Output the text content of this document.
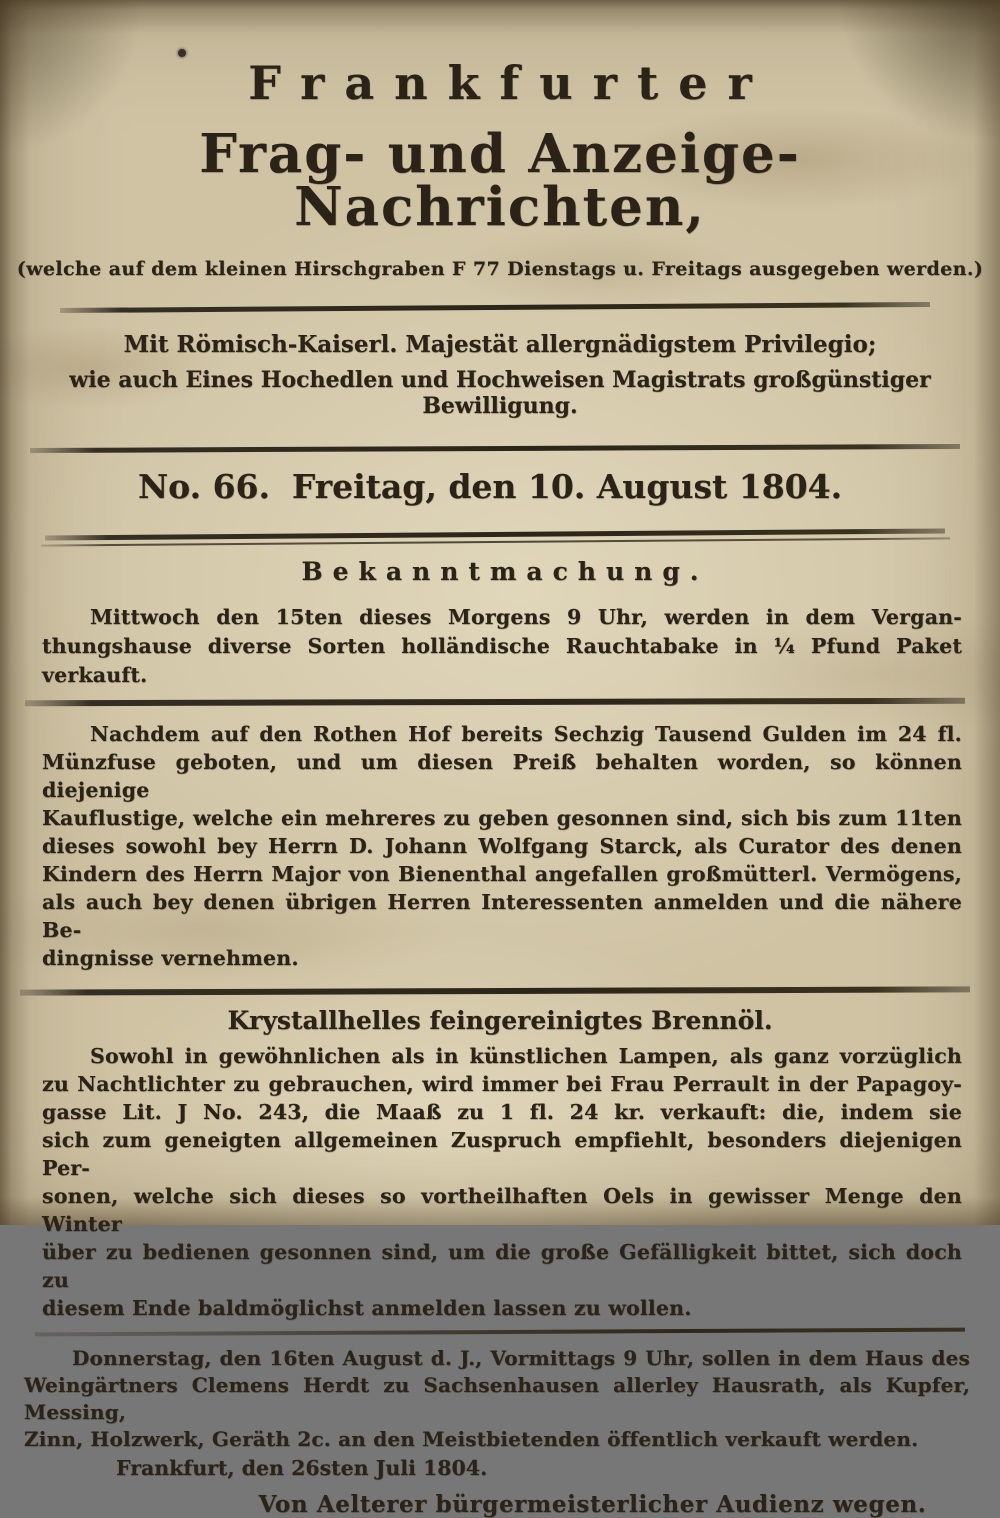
Frankfurter
Frag- und Anzeige-Nachrichten,
(welche auf dem kleinen Hirschgraben F 77 Dienstags u. Freitags ausgegeben werden.)
Mit Römisch-Kaiserl. Majestät allergnädigstem Privilegio;
wie auch Eines Hochedlen und Hochweisen Magistrats großgünstiger Bewilligung.
No. 66. Freitag, den 10. August 1804.
Bekanntmachung.
Mittwoch den 15ten dieses Morgens 9 Uhr, werden in dem Vergan-
thungshause diverse Sorten holländische Rauchtabake in ¼ Pfund Paket verkauft.
Nachdem auf den Rothen Hof bereits Sechzig Tausend Gulden im 24 fl.
Münzfuse geboten, und um diesen Preiß behalten worden, so können diejenige
Kauflustige, welche ein mehreres zu geben gesonnen sind, sich bis zum 11ten
dieses sowohl bey Herrn D. Johann Wolfgang Starck, als Curator des denen
Kindern des Herrn Major von Bienenthal angefallen großmütterl. Vermögens,
als auch bey denen übrigen Herren Interessenten anmelden und die nähere Be-
dingnisse vernehmen.
Krystallhelles feingereinigtes Brennöl.
Sowohl in gewöhnlichen als in künstlichen Lampen, als ganz vorzüglich
zu Nachtlichter zu gebrauchen, wird immer bei Frau Perrault in der Papagoy-
gasse Lit. J No. 243, die Maaß zu 1 fl. 24 kr. verkauft: die, indem sie
sich zum geneigten allgemeinen Zuspruch empfiehlt, besonders diejenigen Per-
sonen, welche sich dieses so vortheilhaften Oels in gewisser Menge den Winter
über zu bedienen gesonnen sind, um die große Gefälligkeit bittet, sich doch zu
diesem Ende baldmöglichst anmelden lassen zu wollen.
Donnerstag, den 16ten August d. J., Vormittags 9 Uhr, sollen in dem Haus des
Weingärtners Clemens Herdt zu Sachsenhausen allerley Hausrath, als Kupfer, Messing,
Zinn, Holzwerk, Geräth 2c. an den Meistbietenden öffentlich verkauft werden.
Frankfurt, den 26sten Juli 1804.
Von Aelterer bürgermeisterlicher Audienz wegen.
